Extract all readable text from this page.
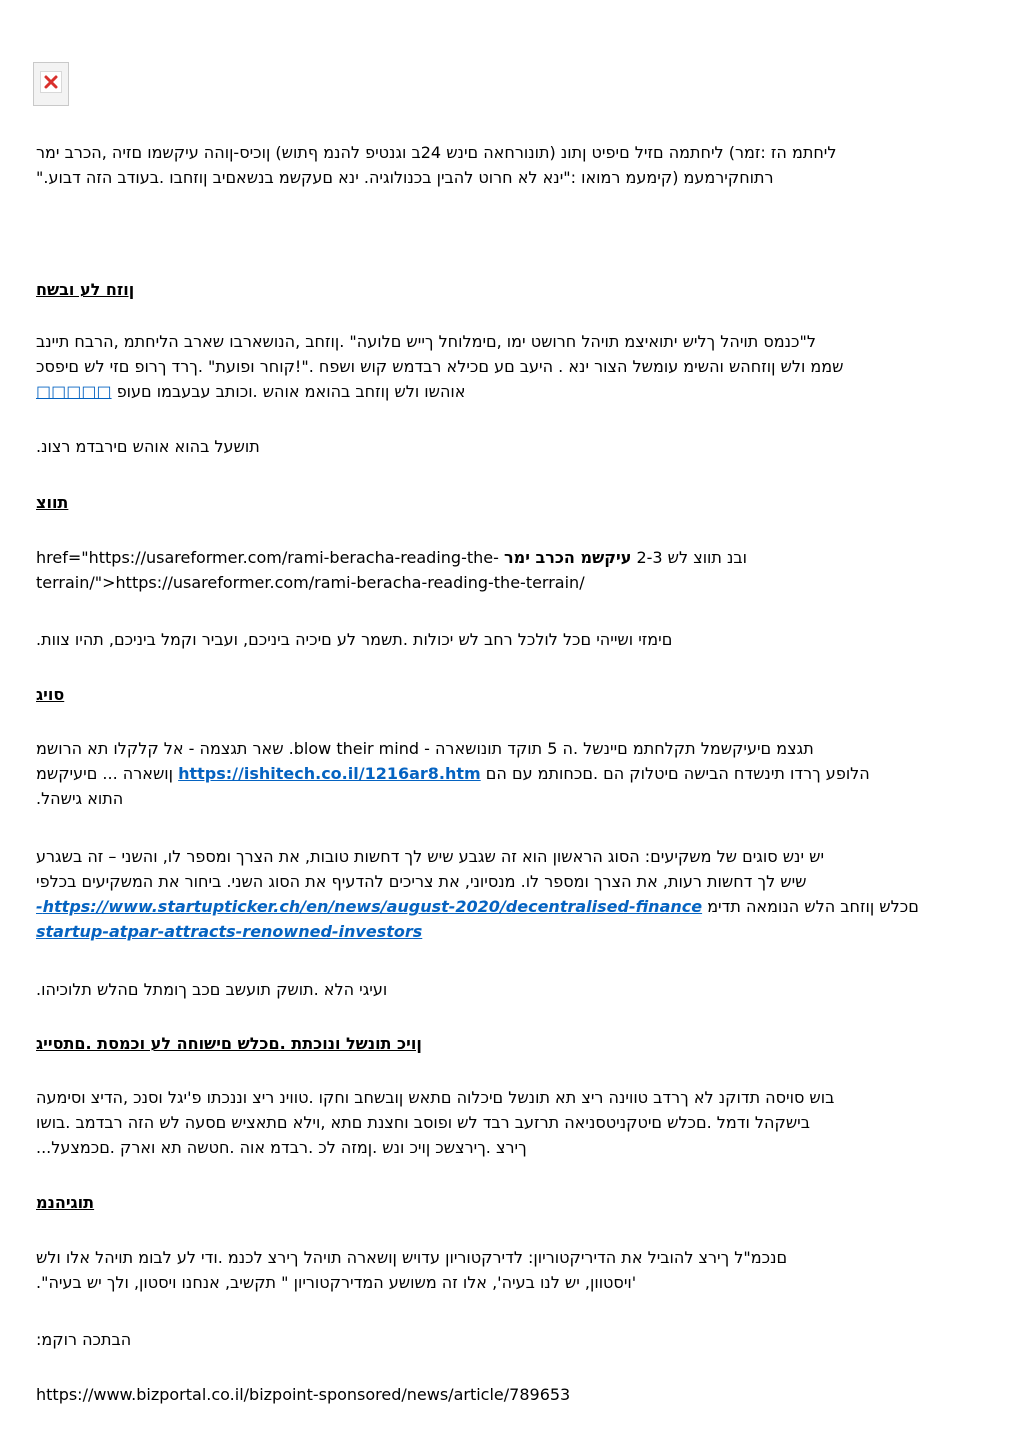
ליחתמ הז :זמר) ליחתמה םזיל םיפיט ןתונ (תונורחאה םינש 24ב וגנטיפ להנמ ףתוש) ןוכיס-ןוהה עיקשמו םזיה ,הכרב ימר
רתוחקירמעמ (קימעמ רמואו :"ינא לא חרוט להבין בכנולוגיה. ינא םעקשמ בנשאםיב ןוזחבו .בעודב הזה דבוע."
ןוזח לע ובשח
ל"כנמס תויהל ךליש יתואיצמ תויהל חרושט ימו ,םימלוחל ךייש םלועה" .ןוזחב ,הנושארבו שארב הליחתמ ,הרבח תיינב
שממ ולש ןוזחהש והשימ עומשל הצור ינא . היעב םע םכילא רבדמש קוש ושפח ."!קוחר ופועת" .ךרד ךרופ םזי לש םיפסכ
אוהשו ולש ןוזחב בהואמ אוהש .וכותב עבעבמו םעופ □□□□□
תושעל בהוא אוהש םירבדמ רצונ.
תווצ
href="https://usareformer.com/rami-beracha-reading-the- עיקשמ הכרב ימר ובנ תווצ לש 2-3
terrain/">https://usareformer.com/rami-beracha-reading-the-terrain/
םימזי ושייהי םכל לולכל רחב לש יכולות .תשמר לע םיכיה ביניכם, ועביר וקמל ביניכם, תהיו צוות.
סויג
תגצמ םיעיקשמל תקלחתמ םיינשל .ה 5 תוקד תונושארה - blow their mind. שאר תגצמה - אל קלקלו תא הרושמ
הלופע ךרדו תינשדח הבישה םיטלוק הם .םכחותמ עם הם https://ishitech.co.il/1216ar8.htm ןושארה ... םיעיקשמ
התוא גישהל.
יש ינש סוגים של משקיעים: הסוג הראשון הוא זה שגבע שיש לך דחשות טובות, את הצרך ומספר לו, והשני – זה בשגרע
שיש לך דחשות רעות, את הצרך ומספר לו. מנסיוני, את צריכים להדעיף את הסוג השני. ביחור את המשקיעים בכלפי
םכלש ןוזחב הלש הנומאה תדימ https://www.startupticker.ch/en/news/august-2020/decentralised-finance-
startup-atpar-attracts-renowned-investors
ועיגי הלא .תושק תועשב םכב ךומתל םהלש תלוכיהו.
ןויכ תונשל ונוכתת .םכלש םישוחה לע וכמסת .םתסייג
בוש סויסה תדוקנ לא ךרדב טווינה ריצ תא תונשל םיכלוה םתאש ןובשחב וחקו .טווינ ריצ וננכתו פ'יגל וסנכ ,הדיצ וסימעה
בישקהל ודמל .םכלש םיטקניטסניאה תרזעב רבד לש ופוסב וחצנת םתא ,וילא םתאציש םסעה לש הזה רבדמב .בושו
ךירצ .ךירצשכ ןויכ ונש .ןמזה לכ .רבדמ אוה .חטשה תא וארק .םכמצעל...
תוגיהנמ
םנכמ"ל ךירצ להוביל את הדיריקטוריון: לדירקטוריון עדויש ןושארה תויהל ךירצ לכנמ .ודי לע לבומ תויהל אלו ולש
'ויסטוון, יש לנו בעיה', אלו זה משושע המדירקטוריון " תקשיב, אנחנו ויסטון, ולך יש בעיה".
הבתכה רוקמ:
https://www.bizportal.co.il/bizpoint-sponsored/news/article/789653
